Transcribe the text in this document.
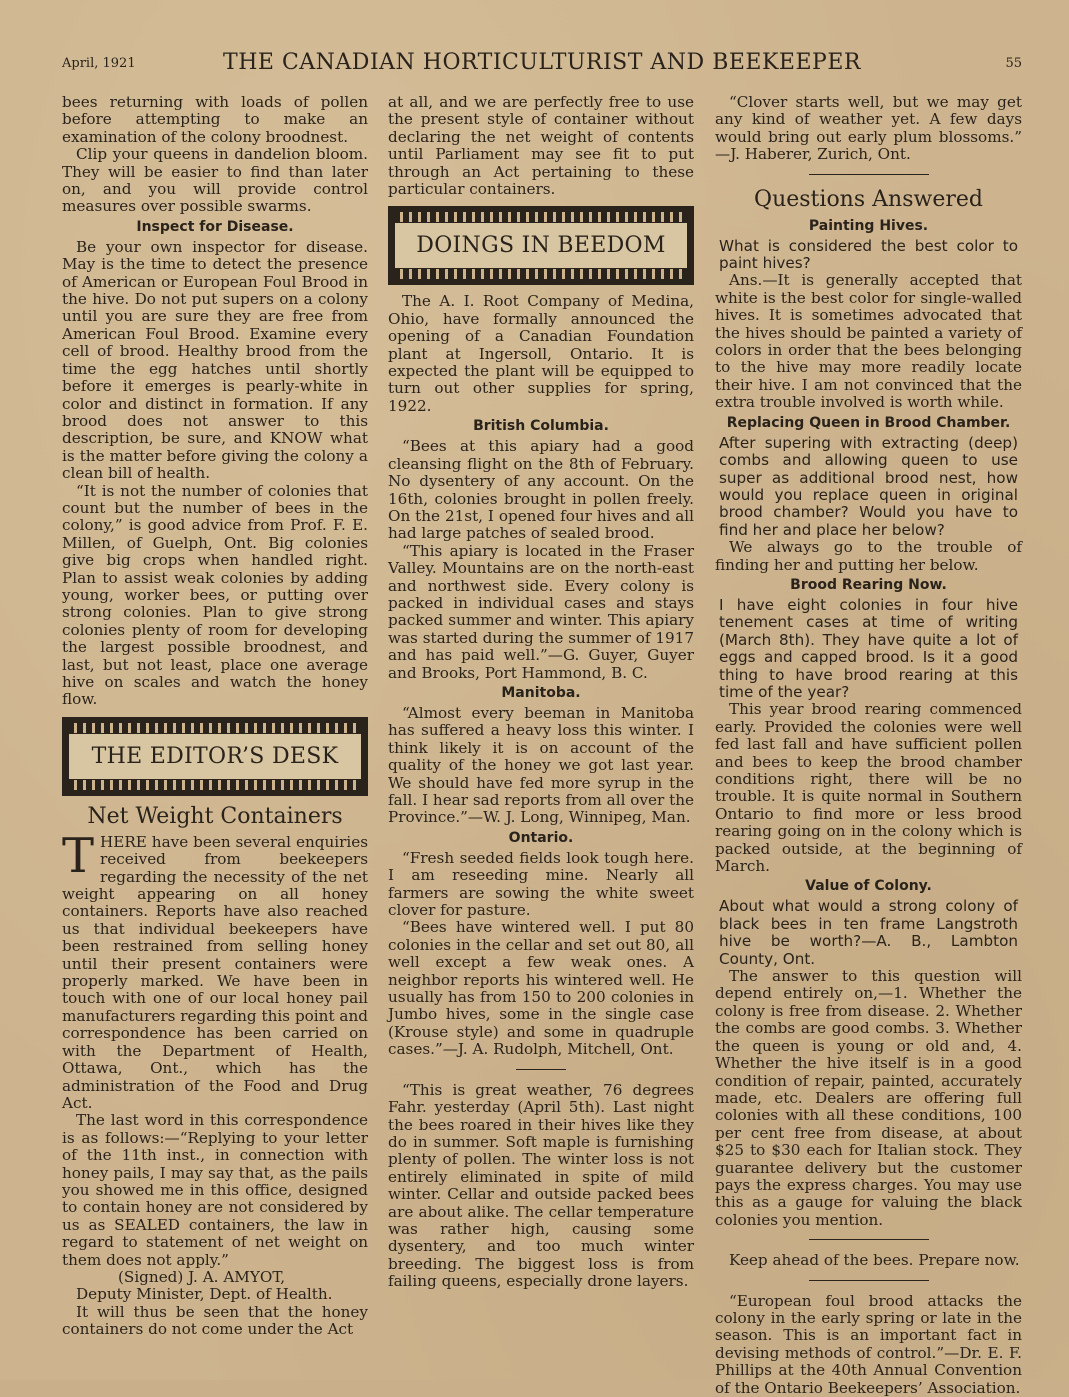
April, 1921	THE CANADIAN HORTICULTURIST AND BEEKEEPER	55

bees returning with loads of pollen before attempting to make an examination of the colony broodnest.

Clip your queens in dandelion bloom. They will be easier to find than later on, and you will provide control measures over possible swarms.

Inspect for Disease.

Be your own inspector for disease. May is the time to detect the presence of American or European Foul Brood in the hive. Do not put supers on a colony until you are sure they are free from American Foul Brood. Examine every cell of brood. Healthy brood from the time the egg hatches until shortly before it emerges is pearly-white in color and distinct in formation. If any brood does not answer to this description, be sure, and KNOW what is the matter before giving the colony a clean bill of health.

“It is not the number of colonies that count but the number of bees in the colony,” is good advice from Prof. F. E. Millen, of Guelph, Ont. Big colonies give big crops when handled right. Plan to assist weak colonies by adding young, worker bees, or putting over strong colonies. Plan to give strong colonies plenty of room for developing the largest possible broodnest, and last, but not least, place one average hive on scales and watch the honey flow.

THE EDITOR’S DESK
Net Weight Containers

THERE have been several enquiries received from beekeepers regarding the necessity of the net weight appearing on all honey containers. Reports have also reached us that individual beekeepers have been restrained from selling honey until their present containers were properly marked. We have been in touch with one of our local honey pail manufacturers regarding this point and correspondence has been carried on with the Department of Health, Ottawa, Ont., which has the administration of the Food and Drug Act.

The last word in this correspondence is as follows:—“Replying to your letter of the 11th inst., in connection with honey pails, I may say that, as the pails you showed me in this office, designed to contain honey are not considered by us as SEALED containers, the law in regard to statement of net weight on them does not apply.”

(Signed) J. A. AMYOT,

Deputy Minister, Dept. of Health.

It will thus be seen that the honey containers do not come under the Act

at all, and we are perfectly free to use the present style of container without declaring the net weight of contents until Parliament may see fit to put through an Act pertaining to these particular containers.

DOINGS IN BEEDOM

The A. I. Root Company of Medina, Ohio, have formally announced the opening of a Canadian Foundation plant at Ingersoll, Ontario. It is expected the plant will be equipped to turn out other supplies for spring, 1922.

British Columbia.

“Bees at this apiary had a good cleansing flight on the 8th of February. No dysentery of any account. On the 16th, colonies brought in pollen freely. On the 21st, I opened four hives and all had large patches of sealed brood.

“This apiary is located in the Fraser Valley. Mountains are on the north-east and northwest side. Every colony is packed in individual cases and stays packed summer and winter. This apiary was started during the summer of 1917 and has paid well.”—G. Guyer, Guyer and Brooks, Port Hammond, B. C.

Manitoba.

“Almost every beeman in Manitoba has suffered a heavy loss this winter. I think likely it is on account of the quality of the honey we got last year. We should have fed more syrup in the fall. I hear sad reports from all over the Province.”—W. J. Long, Winnipeg, Man.

Ontario.

“Fresh seeded fields look tough here. I am reseeding mine. Nearly all farmers are sowing the white sweet clover for pasture.

“Bees have wintered well. I put 80 colonies in the cellar and set out 80, all well except a few weak ones. A neighbor reports his wintered well. He usually has from 150 to 200 colonies in Jumbo hives, some in the single case (Krouse style) and some in quadruple cases.”—J. A. Rudolph, Mitchell, Ont.

“This is great weather, 76 degrees Fahr. yesterday (April 5th). Last night the bees roared in their hives like they do in summer. Soft maple is furnishing plenty of pollen. The winter loss is not entirely eliminated in spite of mild winter. Cellar and outside packed bees are about alike. The cellar temperature was rather high, causing some dysentery, and too much winter breeding. The biggest loss is from failing queens, especially drone layers.

“Clover starts well, but we may get any kind of weather yet. A few days would bring out early plum blossoms.” —J. Haberer, Zurich, Ont.

Questions Answered
Painting Hives.

What is considered the best color to paint hives?

Ans.—It is generally accepted that white is the best color for single-walled hives. It is sometimes advocated that the hives should be painted a variety of colors in order that the bees belonging to the hive may more readily locate their hive. I am not convinced that the extra trouble involved is worth while.

Replacing Queen in Brood Chamber.

After supering with extracting (deep) combs and allowing queen to use super as additional brood nest, how would you replace queen in original brood chamber? Would you have to find her and place her below?

We always go to the trouble of finding her and putting her below.

Brood Rearing Now.

I have eight colonies in four hive tenement cases at time of writing (March 8th). They have quite a lot of eggs and capped brood. Is it a good thing to have brood rearing at this time of the year?

This year brood rearing commenced early. Provided the colonies were well fed last fall and have sufficient pollen and bees to keep the brood chamber conditions right, there will be no trouble. It is quite normal in Southern Ontario to find more or less brood rearing going on in the colony which is packed outside, at the beginning of March.

Value of Colony.

About what would a strong colony of black bees in ten frame Langstroth hive be worth?—A. B., Lambton County, Ont.

The answer to this question will depend entirely on,—1. Whether the colony is free from disease. 2. Whether the combs are good combs. 3. Whether the queen is young or old and, 4. Whether the hive itself is in a good condition of repair, painted, accurately made, etc. Dealers are offering full colonies with all these conditions, 100 per cent free from disease, at about $25 to $30 each for Italian stock. They guarantee delivery but the customer pays the express charges. You may use this as a gauge for valuing the black colonies you mention.

Keep ahead of the bees. Prepare now.

“European foul brood attacks the colony in the early spring or late in the season. This is an important fact in devising methods of control.”—Dr. E. F. Phillips at the 40th Annual Convention of the Ontario Beekeepers’ Association.
